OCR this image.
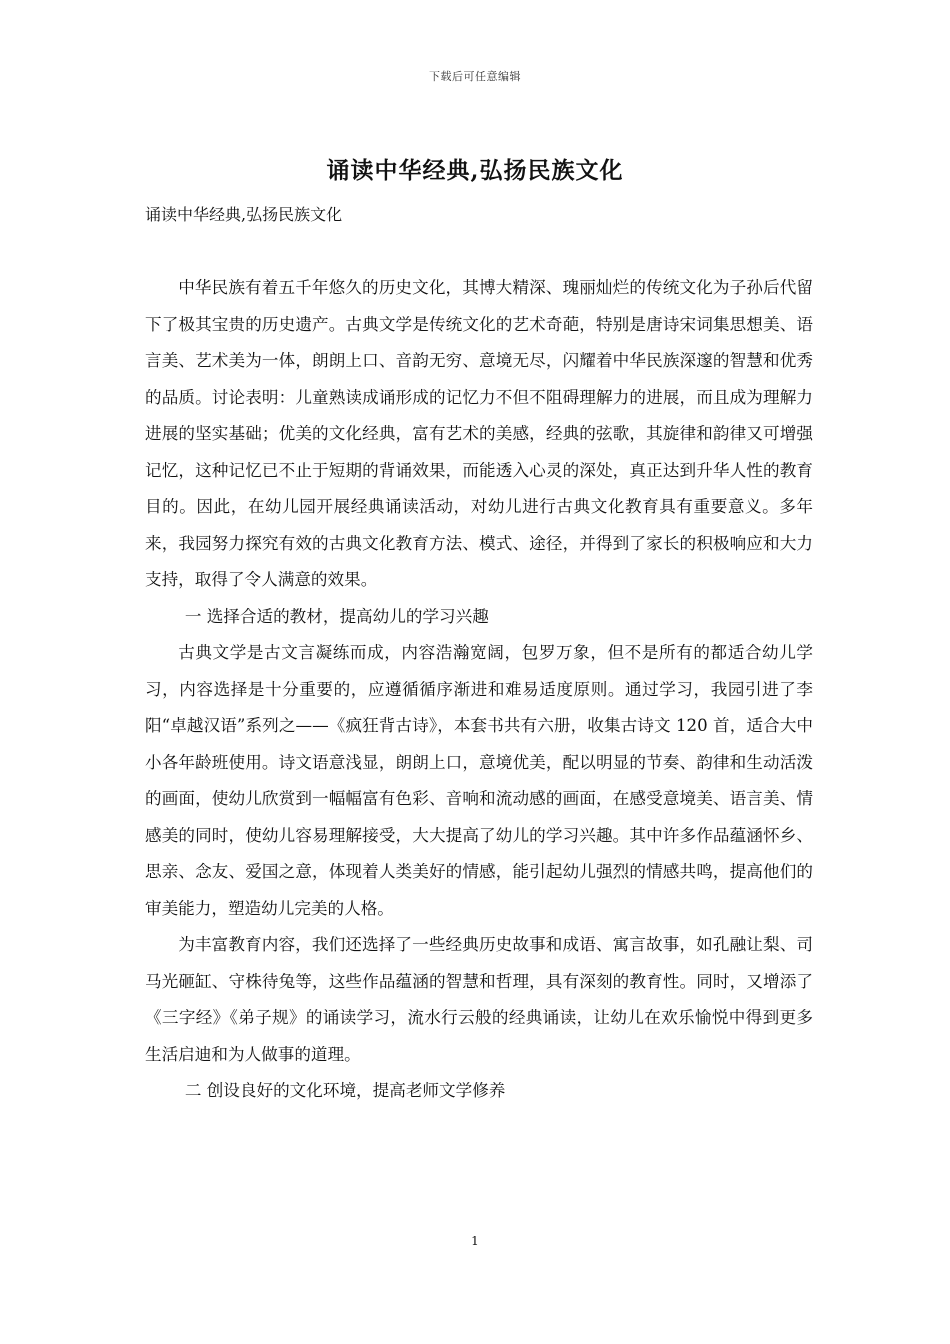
下载后可任意编辑
诵读中华经典,弘扬民族文化
诵读中华经典,弘扬民族文化

中华民族有着五千年悠久的历史文化，其博大精深、瑰丽灿烂的传统文化为子孙后代留下了极其宝贵的历史遗产。古典文学是传统文化的艺术奇葩，特别是唐诗宋词集思想美、语言美、艺术美为一体，朗朗上口、音韵无穷、意境无尽，闪耀着中华民族深邃的智慧和优秀的品质。讨论表明：儿童熟读成诵形成的记忆力不但不阻碍理解力的进展，而且成为理解力进展的坚实基础；优美的文化经典，富有艺术的美感，经典的弦歌，其旋律和韵律又可增强记忆，这种记忆已不止于短期的背诵效果，而能透入心灵的深处，真正达到升华人性的教育目的。因此，在幼儿园开展经典诵读活动，对幼儿进行古典文化教育具有重要意义。多年来，我园努力探究有效的古典文化教育方法、模式、途径，并得到了家长的积极响应和大力支持，取得了令人满意的效果。

一 选择合适的教材，提高幼儿的学习兴趣

古典文学是古文言凝练而成，内容浩瀚宽阔，包罗万象，但不是所有的都适合幼儿学习，内容选择是十分重要的，应遵循循序渐进和难易适度原则。通过学习，我园引进了李阳“卓越汉语”系列之——《疯狂背古诗》，本套书共有六册，收集古诗文 120 首，适合大中小各年龄班使用。诗文语意浅显，朗朗上口，意境优美，配以明显的节奏、韵律和生动活泼的画面，使幼儿欣赏到一幅幅富有色彩、音响和流动感的画面，在感受意境美、语言美、情感美的同时，使幼儿容易理解接受，大大提高了幼儿的学习兴趣。其中许多作品蕴涵怀乡、思亲、念友、爱国之意，体现着人类美好的情感，能引起幼儿强烈的情感共鸣，提高他们的审美能力，塑造幼儿完美的人格。

为丰富教育内容，我们还选择了一些经典历史故事和成语、寓言故事，如孔融让梨、司马光砸缸、守株待兔等，这些作品蕴涵的智慧和哲理，具有深刻的教育性。同时，又增添了《三字经》《弟子规》的诵读学习，流水行云般的经典诵读，让幼儿在欢乐愉悦中得到更多生活启迪和为人做事的道理。

二 创设良好的文化环境，提高老师文学修养

1
